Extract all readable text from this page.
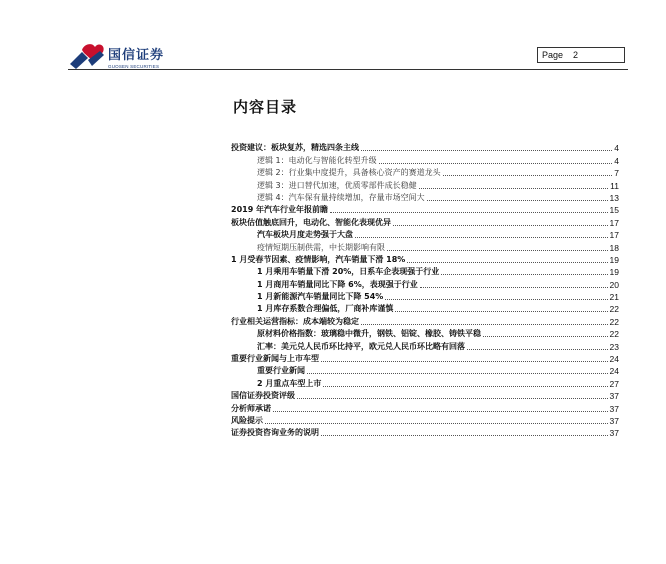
国信证券
GUOSEN SECURITIES
Page 2
内容目录
投资建议：板块复苏，精选四条主线	4
逻辑 1：电动化与智能化转型升级	4
逻辑 2：行业集中度提升，具备核心资产的赛道龙头	7
逻辑 3：进口替代加速，优质零部件成长稳健	11
逻辑 4：汽车保有量持续增加，存量市场空间大	13
2019 年汽车行业年报前瞻	15
板块估值触底回升，电动化、智能化表现优异	17
汽车板块月度走势强于大盘	17
疫情短期压制供需，中长期影响有限	18
1 月受春节因素、疫情影响，汽车销量下滑 18%	19
1 月乘用车销量下滑 20%，日系车企表现强于行业	19
1 月商用车销量同比下降 6%，表现强于行业	20
1 月新能源汽车销量同比下降 54%	21
1 月库存系数合理偏低，厂商补库谨慎	22
行业相关运营指标：成本端较为稳定	22
原材料价格指数：玻璃稳中微升，钢铁、铝锭、橡胶、铸铁平稳	22
汇率：美元兑人民币环比持平，欧元兑人民币环比略有回落	23
重要行业新闻与上市车型	24
重要行业新闻	24
2 月重点车型上市	27
国信证券投资评级	37
分析师承诺	37
风险提示	37
证券投资咨询业务的说明	37
